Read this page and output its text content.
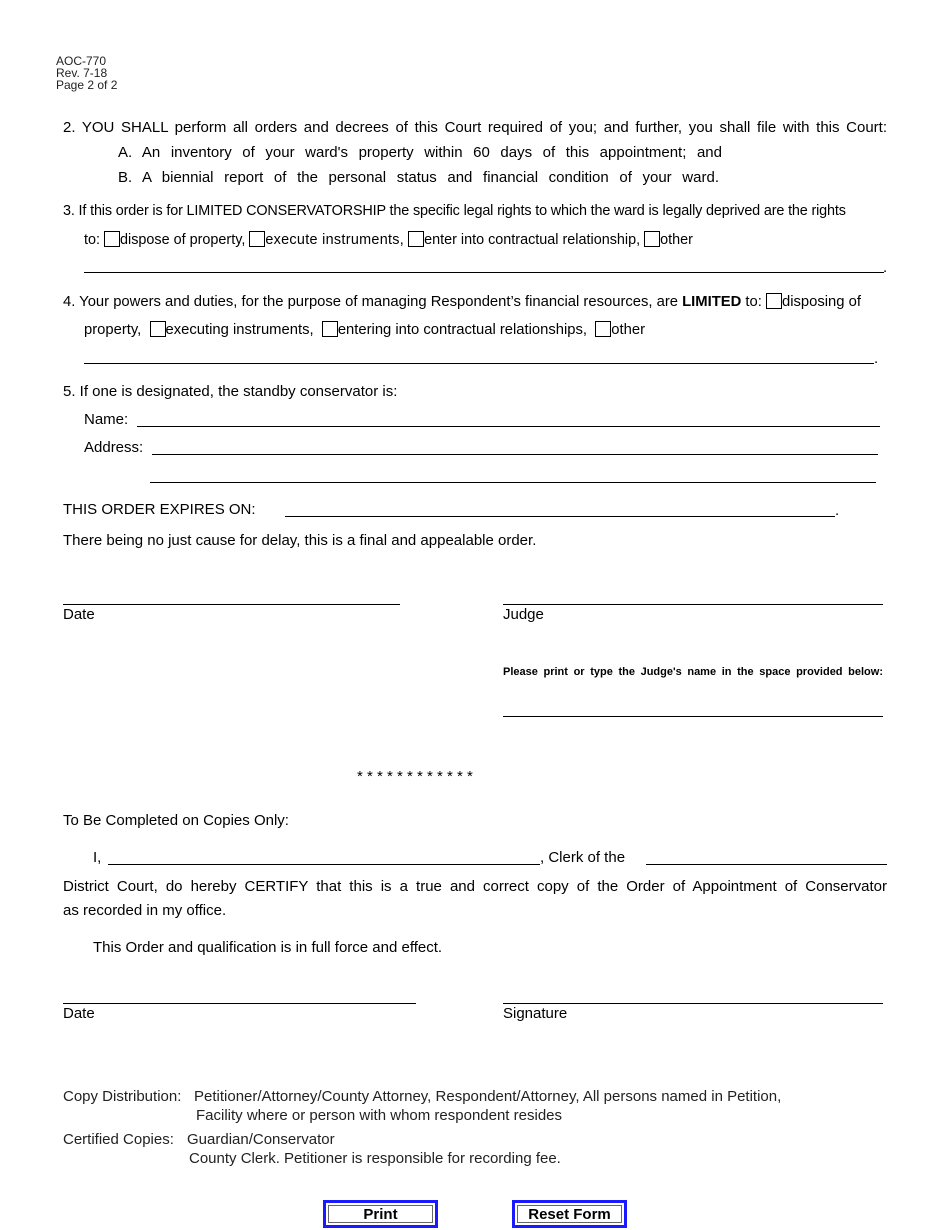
AOC-770
Rev. 7-18
Page 2 of 2
2. YOU SHALL perform all orders and decrees of this Court required of you; and further, you shall file with this Court:
A. An inventory of your ward's property within 60 days of this appointment; and
B. A biennial report of the personal status and financial condition of your ward.
3. If this order is for LIMITED CONSERVATORSHIP the specific legal rights to which the ward is legally deprived are the rights
to: dispose of property, execute instruments, enter into contractual relationship, other
.
4. Your powers and duties, for the purpose of managing Respondent’s financial resources, are LIMITED to: disposing of
property, executing instruments, entering into contractual relationships, other
.
5. If one is designated, the standby conservator is:
Name:
Address:
THIS ORDER EXPIRES ON:	.
There being no just cause for delay, this is a final and appealable order.
Date	Judge
Please print or type the Judge's name in the space provided below:
* * * * * * * * * * * *
To Be Completed on Copies Only:
I,	, Clerk of the
District Court, do hereby CERTIFY that this is a true and correct copy of the Order of Appointment of Conservator
as recorded in my office.
This Order and qualification is in full force and effect.
Date	Signature
Copy Distribution: Petitioner/Attorney/County Attorney, Respondent/Attorney, All persons named in Petition,
Facility where or person with whom respondent resides
Certified Copies: Guardian/Conservator
County Clerk. Petitioner is responsible for recording fee.
Print	Reset Form
